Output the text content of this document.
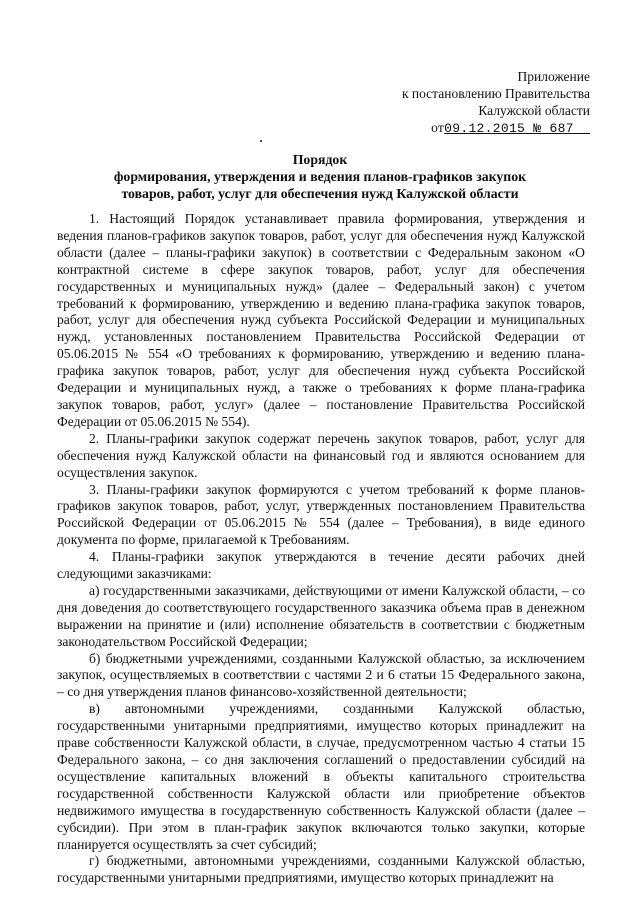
Приложение
к постановлению Правительства
Калужской области
от09.12.2015 № 687
Порядок
формирования, утверждения и ведения планов-графиков закупок
товаров, работ, услуг для обеспечения нужд Калужской области

1. Настоящий Порядок устанавливает правила формирования, утверждения и ведения планов-графиков закупок товаров, работ, услуг для обеспечения нужд Калужской области (далее – планы-графики закупок) в соответствии с Федеральным законом «О контрактной системе в сфере закупок товаров, работ, услуг для обеспечения государственных и муниципальных нужд» (далее – Федеральный закон) с учетом требований к формированию, утверждению и ведению плана-графика закупок товаров, работ, услуг для обеспечения нужд субъекта Российской Федерации и муниципальных нужд, установленных постановлением Правительства Российской Федерации от 05.06.2015 № 554 «О требованиях к формированию, утверждению и ведению плана-графика закупок товаров, работ, услуг для обеспечения нужд субъекта Российской Федерации и муниципальных нужд, а также о требованиях к форме плана-графика закупок товаров, работ, услуг» (далее – постановление Правительства Российской Федерации от 05.06.2015 № 554).

2. Планы-графики закупок содержат перечень закупок товаров, работ, услуг для обеспечения нужд Калужской области на финансовый год и являются основанием для осуществления закупок.

3. Планы-графики закупок формируются с учетом требований к форме планов-графиков закупок товаров, работ, услуг, утвержденных постановлением Правительства Российской Федерации от 05.06.2015 № 554 (далее – Требования), в виде единого документа по форме, прилагаемой к Требованиям.

4. Планы-графики закупок утверждаются в течение десяти рабочих дней следующими заказчиками:

а) государственными заказчиками, действующими от имени Калужской области, – со дня доведения до соответствующего государственного заказчика объема прав в денежном выражении на принятие и (или) исполнение обязательств в соответствии с бюджетным законодательством Российской Федерации;

б) бюджетными учреждениями, созданными Калужской областью, за исключением закупок, осуществляемых в соответствии с частями 2 и 6 статьи 15 Федерального закона, – со дня утверждения планов финансово-хозяйственной деятельности;

в) автономными учреждениями, созданными Калужской областью, государственными унитарными предприятиями, имущество которых принадлежит на праве собственности Калужской области, в случае, предусмотренном частью 4 статьи 15 Федерального закона, – со дня заключения соглашений о предоставлении субсидий на осуществление капитальных вложений в объекты капитального строительства государственной собственности Калужской области или приобретение объектов недвижимого имущества в государственную собственность Калужской области (далее – субсидии). При этом в план-график закупок включаются только закупки, которые планируется осуществлять за счет субсидий;

г) бюджетными, автономными учреждениями, созданными Калужской областью, государственными унитарными предприятиями, имущество которых принадлежит на
